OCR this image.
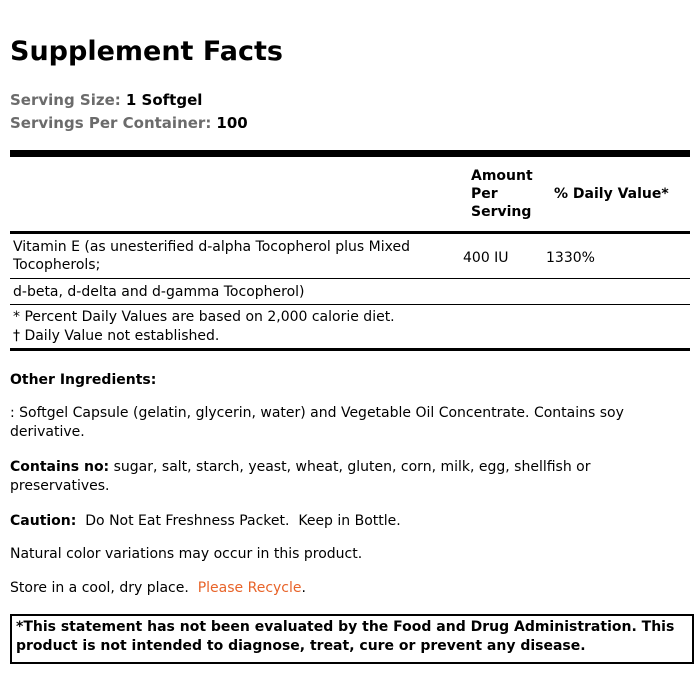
Supplement Facts
Serving Size: 1 Softgel
Servings Per Container: 100
Amount
Per
Serving
% Daily Value*
Vitamin E (as unesterified d-alpha Tocopherol plus Mixed
Tocopherols;	400 IU	1330%
d-beta, d-delta and d-gamma Tocopherol)
* Percent Daily Values are based on 2,000 calorie diet.
† Daily Value not established.
Other Ingredients:
: Softgel Capsule (gelatin, glycerin, water) and Vegetable Oil Concentrate. Contains soy derivative.
Contains no: sugar, salt, starch, yeast, wheat, gluten, corn, milk, egg, shellfish or preservatives.
Caution:  Do Not Eat Freshness Packet.  Keep in Bottle.
Natural color variations may occur in this product.
Store in a cool, dry place.  Please Recycle.
*This statement has not been evaluated by the Food and Drug Administration. This product is not intended to diagnose, treat, cure or prevent any disease.
